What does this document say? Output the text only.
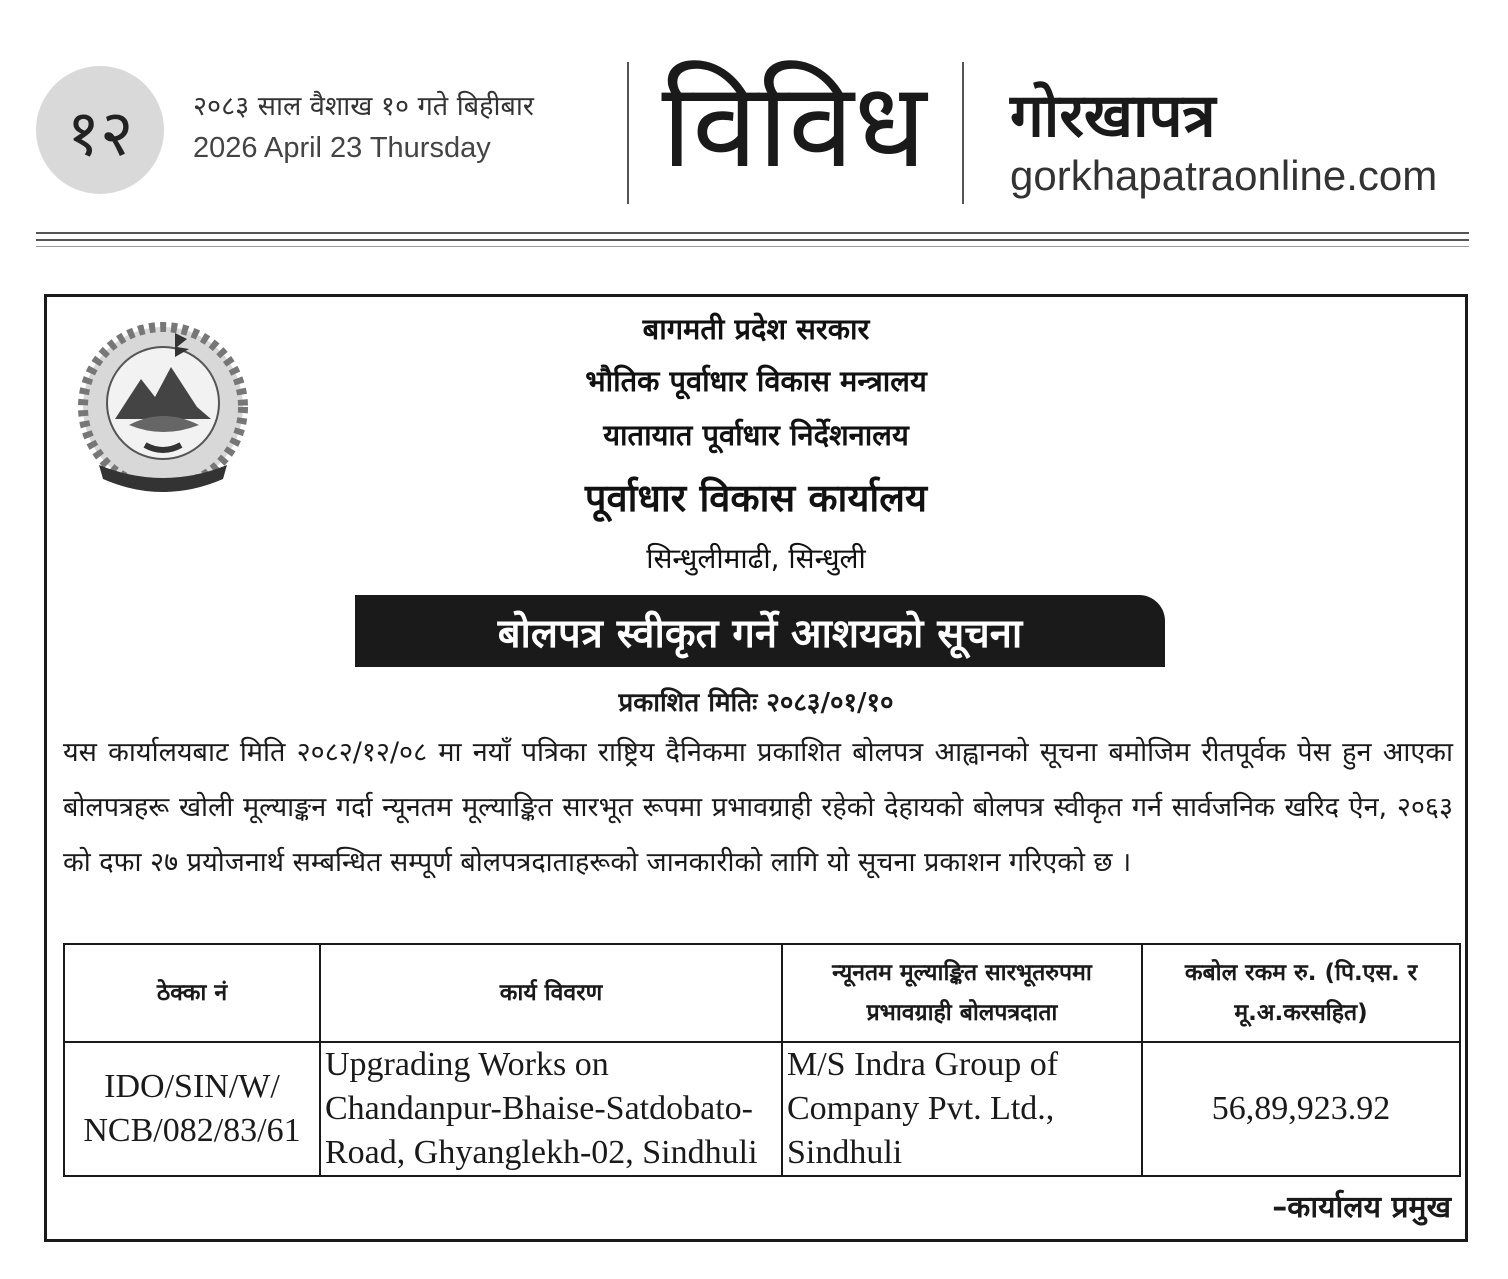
१२	२०८३ साल वैशाख १० गते बिहीबार
2026 April 23 Thursday विविध	गोरखापत्र
gorkhapatraonline.com
बागमती प्रदेश सरकार
भौतिक पूर्वाधार विकास मन्त्रालय
यातायात पूर्वाधार निर्देशनालय
पूर्वाधार विकास कार्यालय
सिन्धुलीमाढी, सिन्धुली
बोलपत्र स्वीकृत गर्ने आशयको सूचना
प्रकाशित मितिः २०८३/०१/१०
यस कार्यालयबाट मिति २०८२/१२/०८ मा नयाँ पत्रिका राष्ट्रिय दैनिकमा प्रकाशित बोलपत्र आह्वानको सूचना बमोजिम रीतपूर्वक पेस हुन आएका बोलपत्रहरू खोली मूल्याङ्कन गर्दा न्यूनतम मूल्याङ्कित सारभूत रूपमा प्रभावग्राही रहेको देहायको बोलपत्र स्वीकृत गर्न सार्वजनिक खरिद ऐन, २०६३ को दफा २७ प्रयोजनार्थ सम्बन्धित सम्पूर्ण बोलपत्रदाताहरूको जानकारीको लागि यो सूचना प्रकाशन गरिएको छ ।
ठेक्का नं	कार्य विवरण	न्यूनतम मूल्याङ्कित सारभूतरुपमा प्रभावग्राही बोलपत्रदाता	कबोल रकम रु. (पि.एस. र मू.अ.करसहित)
IDO/SIN/W/ NCB/082/83/61	Upgrading Works on Chandanpur-Bhaise-Satdobato-Road, Ghyanglekh-02, Sindhuli	M/S Indra Group of Company Pvt. Ltd., Sindhuli	56,89,923.92
–कार्यालय प्रमुख
